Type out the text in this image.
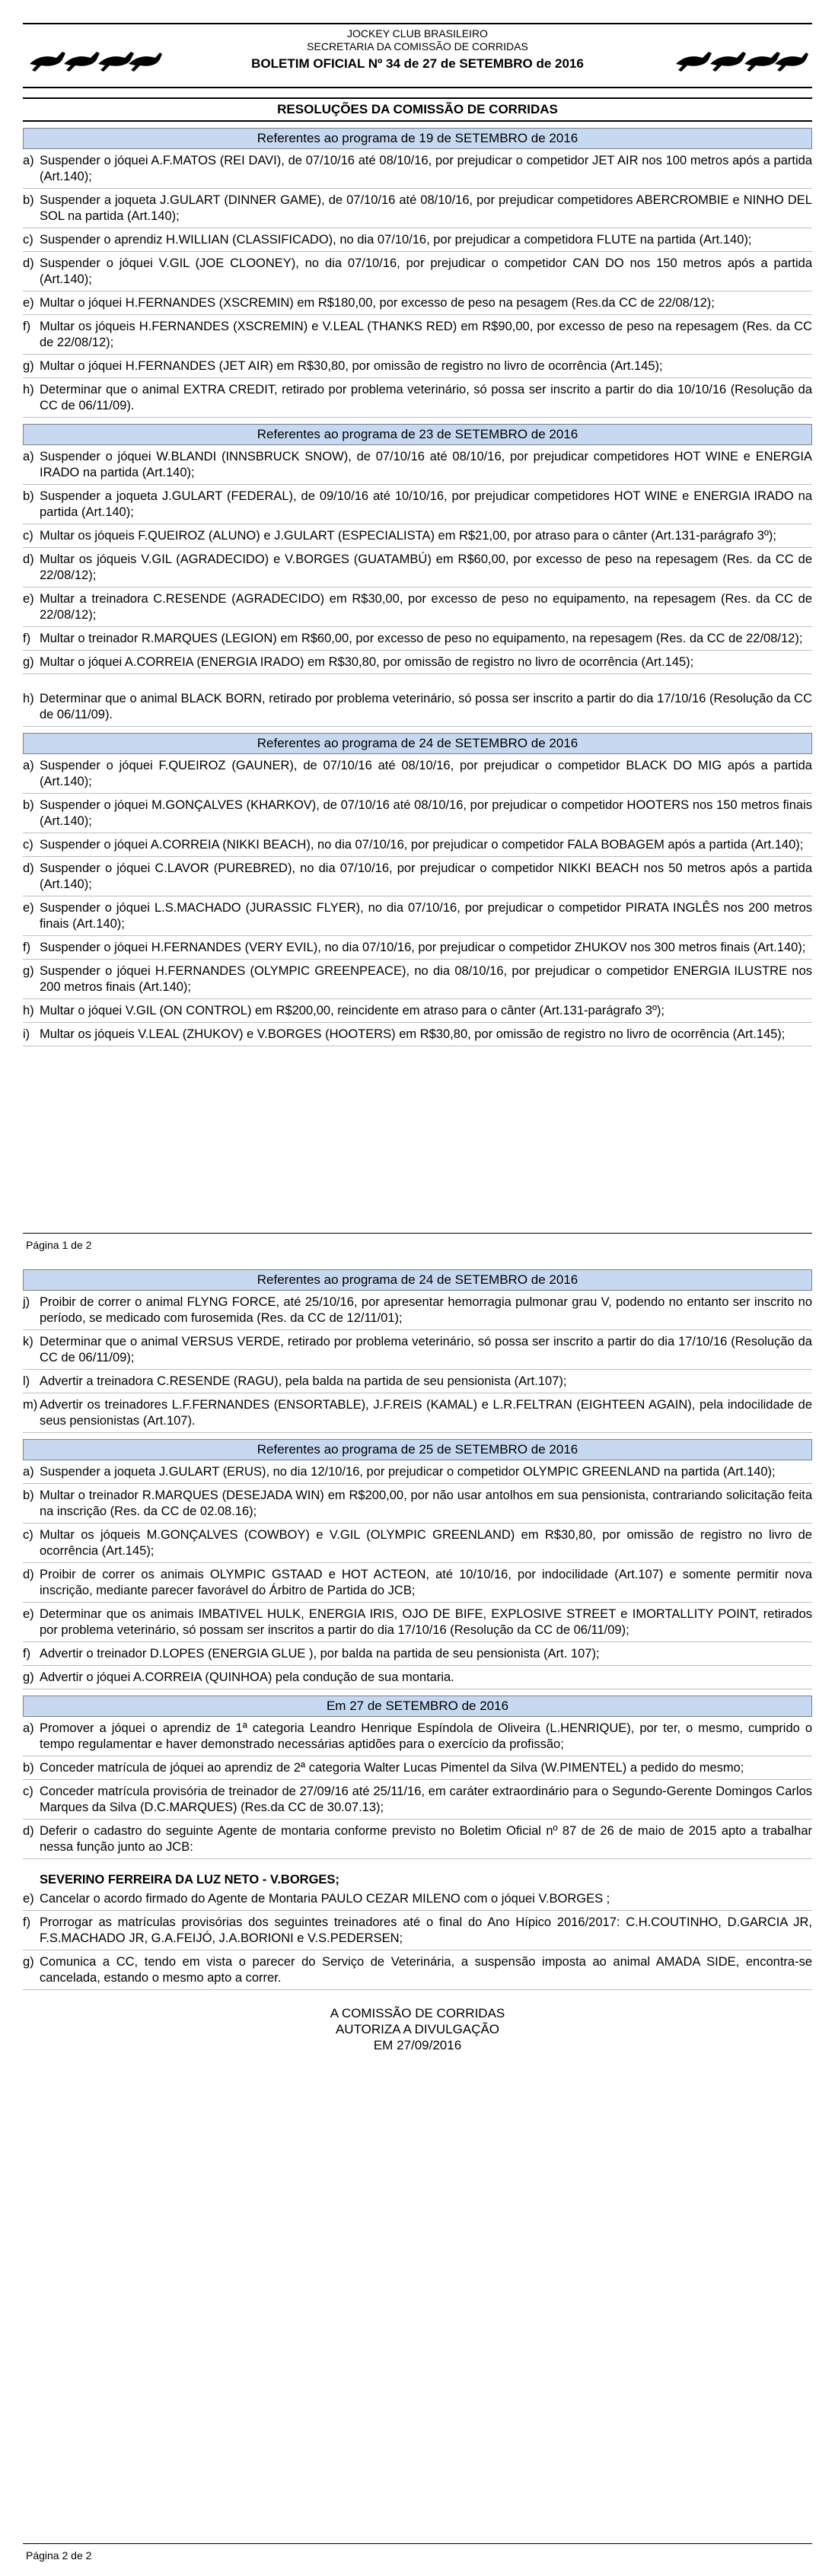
JOCKEY CLUB BRASILEIRO
SECRETARIA DA COMISSÃO DE CORRIDAS
BOLETIM OFICIAL Nº 34 de 27 de SETEMBRO de 2016
RESOLUÇÕES DA COMISSÃO DE CORRIDAS
Referentes ao programa de 19 de SETEMBRO de 2016
a) Suspender o jóquei A.F.MATOS (REI DAVI), de 07/10/16 até 08/10/16, por prejudicar o competidor JET AIR nos 100 metros após a partida (Art.140);
b) Suspender a joqueta J.GULART (DINNER GAME), de 07/10/16 até 08/10/16, por prejudicar competidores ABERCROMBIE e NINHO DEL SOL na partida (Art.140);
c) Suspender o aprendiz H.WILLIAN (CLASSIFICADO), no dia 07/10/16, por prejudicar a competidora FLUTE na partida (Art.140);
d) Suspender o jóquei V.GIL (JOE CLOONEY), no dia 07/10/16, por prejudicar o competidor CAN DO nos 150 metros após a partida (Art.140);
e) Multar o jóquei H.FERNANDES (XSCREMIN) em R$180,00, por excesso de peso na pesagem (Res.da CC de 22/08/12);
f) Multar os jóqueis H.FERNANDES (XSCREMIN) e V.LEAL (THANKS RED) em R$90,00, por excesso de peso na repesagem (Res. da CC de 22/08/12);
g) Multar o jóquei H.FERNANDES (JET AIR) em R$30,80, por omissão de registro no livro de ocorrência (Art.145);
h) Determinar que o animal EXTRA CREDIT, retirado por problema veterinário, só possa ser inscrito a partir do dia 10/10/16 (Resolução da CC de 06/11/09).
Referentes ao programa de 23 de SETEMBRO de 2016
a) Suspender o jóquei W.BLANDI (INNSBRUCK SNOW), de 07/10/16 até 08/10/16, por prejudicar competidores HOT WINE e ENERGIA IRADO na partida (Art.140);
b) Suspender a joqueta J.GULART (FEDERAL), de 09/10/16 até 10/10/16, por prejudicar competidores HOT WINE e ENERGIA IRADO na partida (Art.140);
c) Multar os jóqueis F.QUEIROZ (ALUNO) e J.GULART (ESPECIALISTA) em R$21,00, por atraso para o cânter (Art.131-parágrafo 3º);
d) Multar os jóqueis V.GIL (AGRADECIDO) e V.BORGES (GUATAMBÚ) em R$60,00, por excesso de peso na repesagem (Res. da CC de 22/08/12);
e) Multar a treinadora C.RESENDE (AGRADECIDO) em R$30,00, por excesso de peso no equipamento, na repesagem (Res. da CC de 22/08/12);
f) Multar o treinador R.MARQUES (LEGION) em R$60,00, por excesso de peso no equipamento, na repesagem (Res. da CC de 22/08/12);
g) Multar o jóquei A.CORREIA (ENERGIA IRADO) em R$30,80, por omissão de registro no livro de ocorrência (Art.145);
h) Determinar que o animal BLACK BORN, retirado por problema veterinário, só possa ser inscrito a partir do dia 17/10/16 (Resolução da CC de 06/11/09).
Referentes ao programa de 24 de SETEMBRO de 2016
a) Suspender o jóquei F.QUEIROZ (GAUNER), de 07/10/16 até 08/10/16, por prejudicar o competidor BLACK DO MIG após a partida (Art.140);
b) Suspender o jóquei M.GONÇALVES (KHARKOV), de 07/10/16 até 08/10/16, por prejudicar o competidor HOOTERS nos 150 metros finais (Art.140);
c) Suspender o jóquei A.CORREIA (NIKKI BEACH), no dia 07/10/16, por prejudicar o competidor FALA BOBAGEM após a partida (Art.140);
d) Suspender o jóquei C.LAVOR (PUREBRED), no dia 07/10/16, por prejudicar o competidor NIKKI BEACH nos 50 metros após a partida (Art.140);
e) Suspender o jóquei L.S.MACHADO (JURASSIC FLYER), no dia 07/10/16, por prejudicar o competidor PIRATA INGLÊS nos 200 metros finais (Art.140);
f) Suspender o jóquei H.FERNANDES (VERY EVIL), no dia 07/10/16, por prejudicar o competidor ZHUKOV nos 300 metros finais (Art.140);
g) Suspender o jóquei H.FERNANDES (OLYMPIC GREENPEACE), no dia 08/10/16, por prejudicar o competidor ENERGIA ILUSTRE nos 200 metros finais (Art.140);
h) Multar o jóquei V.GIL (ON CONTROL) em R$200,00, reincidente em atraso para o cânter (Art.131-parágrafo 3º);
i) Multar os jóqueis V.LEAL (ZHUKOV) e V.BORGES (HOOTERS) em R$30,80, por omissão de registro no livro de ocorrência (Art.145);
Página 1 de 2
Referentes ao programa de 24 de SETEMBRO de 2016
j) Proibir de correr o animal FLYNG FORCE, até 25/10/16, por apresentar hemorragia pulmonar grau V, podendo no entanto ser inscrito no período, se medicado com furosemida (Res. da CC de 12/11/01);
k) Determinar que o animal VERSUS VERDE, retirado por problema veterinário, só possa ser inscrito a partir do dia 17/10/16 (Resolução da CC de 06/11/09);
l) Advertir a treinadora C.RESENDE (RAGU), pela balda na partida de seu pensionista (Art.107);
m) Advertir os treinadores L.F.FERNANDES (ENSORTABLE), J.F.REIS (KAMAL) e L.R.FELTRAN (EIGHTEEN AGAIN), pela indocilidade de seus pensionistas (Art.107).
Referentes ao programa de 25 de SETEMBRO de 2016
a) Suspender a joqueta J.GULART (ERUS), no dia 12/10/16, por prejudicar o competidor OLYMPIC GREENLAND na partida (Art.140);
b) Multar o treinador R.MARQUES (DESEJADA WIN) em R$200,00, por não usar antolhos em sua pensionista, contrariando solicitação feita na inscrição (Res. da CC de 02.08.16);
c) Multar os jóqueis M.GONÇALVES (COWBOY) e V.GIL (OLYMPIC GREENLAND) em R$30,80, por omissão de registro no livro de ocorrência (Art.145);
d) Proibir de correr os animais OLYMPIC GSTAAD e HOT ACTEON, até 10/10/16, por indocilidade (Art.107) e somente permitir nova inscrição, mediante parecer favorável do Árbitro de Partida do JCB;
e) Determinar que os animais IMBATIVEL HULK, ENERGIA IRIS, OJO DE BIFE, EXPLOSIVE STREET e IMORTALLITY POINT, retirados por problema veterinário, só possam ser inscritos a partir do dia 17/10/16 (Resolução da CC de 06/11/09);
f) Advertir o treinador D.LOPES (ENERGIA GLUE ), por balda na partida de seu pensionista (Art. 107);
g) Advertir o jóquei A.CORREIA (QUINHOA) pela condução de sua montaria.
Em 27 de SETEMBRO de 2016
a) Promover a jóquei o aprendiz de 1ª categoria Leandro Henrique Espíndola de Oliveira (L.HENRIQUE), por ter, o mesmo, cumprido o tempo regulamentar e haver demonstrado necessárias aptidões para o exercício da profissão;
b) Conceder matrícula de jóquei ao aprendiz de 2ª categoria Walter Lucas Pimentel da Silva (W.PIMENTEL) a pedido do mesmo;
c) Conceder matrícula provisória de treinador de 27/09/16 até 25/11/16, em caráter extraordinário para o Segundo-Gerente Domingos Carlos Marques da Silva (D.C.MARQUES) (Res.da CC de 30.07.13);
d) Deferir o cadastro do seguinte Agente de montaria conforme previsto no Boletim Oficial nº 87 de 26 de maio de 2015 apto a trabalhar nessa função junto ao JCB:
SEVERINO FERREIRA DA LUZ NETO - V.BORGES;
e) Cancelar o acordo firmado do Agente de Montaria PAULO CEZAR MILENO com o jóquei V.BORGES ;
f) Prorrogar as matrículas provisórias dos seguintes treinadores até o final do Ano Hípico 2016/2017: C.H.COUTINHO, D.GARCIA JR, F.S.MACHADO JR, G.A.FEIJÓ, J.A.BORIONI e V.S.PEDERSEN;
g) Comunica a CC, tendo em vista o parecer do Serviço de Veterinária, a suspensão imposta ao animal AMADA SIDE, encontra-se cancelada, estando o mesmo apto a correr.
A COMISSÃO DE CORRIDAS
AUTORIZA A DIVULGAÇÃO
EM 27/09/2016
Página 2 de 2
